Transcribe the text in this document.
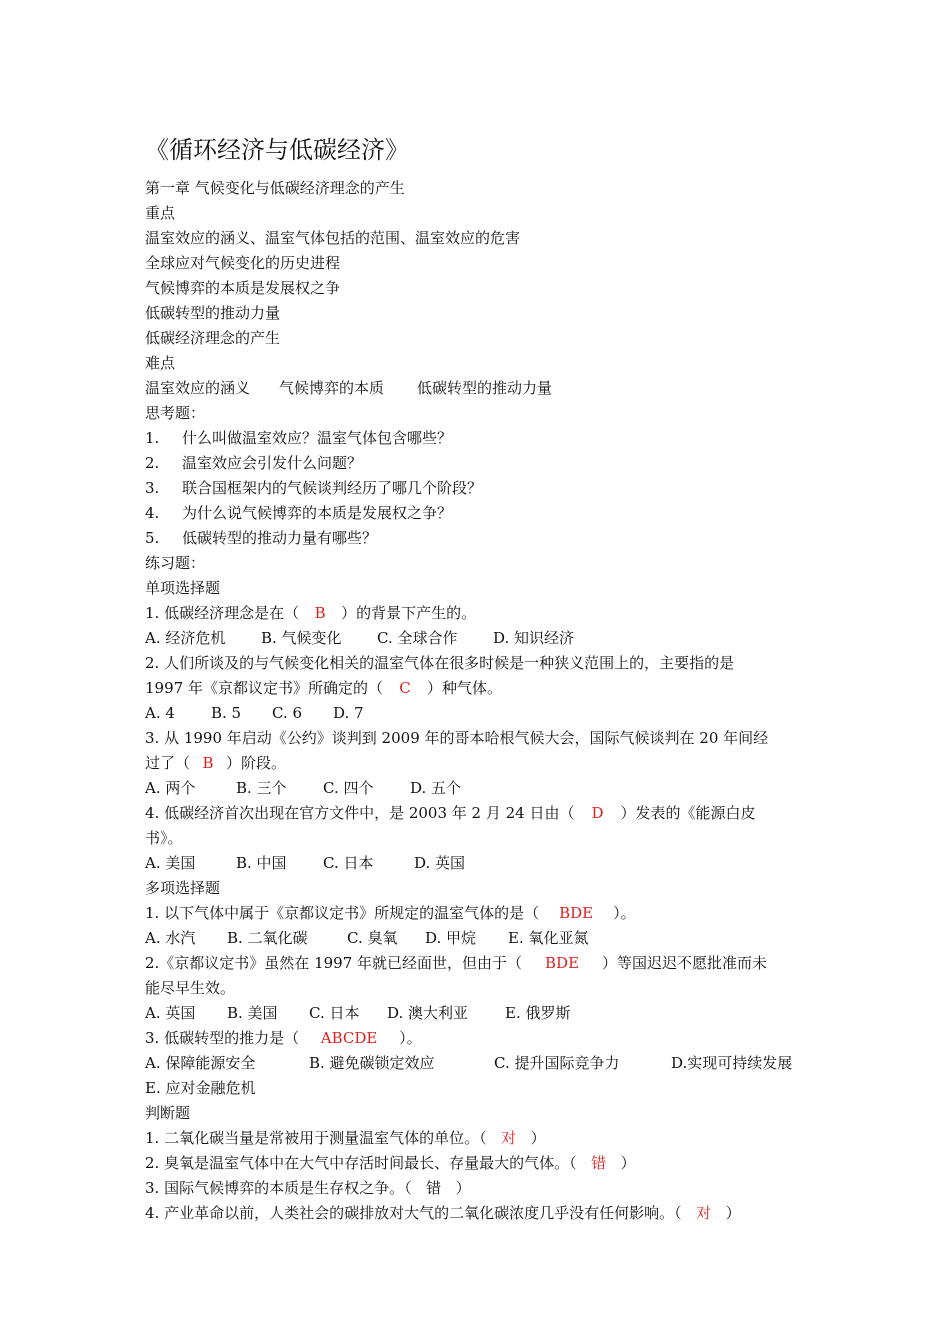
《循环经济与低碳经济》
第一章 气候变化与低碳经济理念的产生
重点
温室效应的涵义、温室气体包括的范围、温室效应的危害
全球应对气候变化的历史进程
气候博弈的本质是发展权之争
低碳转型的推动力量
低碳经济理念的产生
难点
温室效应的涵义 气候博弈的本质 低碳转型的推动力量
思考题：
1. 什么叫做温室效应？温室气体包含哪些？
2. 温室效应会引发什么问题？
3. 联合国框架内的气候谈判经历了哪几个阶段？
4. 为什么说气候博弈的本质是发展权之争？
5. 低碳转型的推动力量有哪些？
练习题：
单项选择题
1. 低碳经济理念是在（ B ）的背景下产生的。
A. 经济危机 B. 气候变化 C. 全球合作 D. 知识经济
2. 人们所谈及的与气候变化相关的温室气体在很多时候是一种狭义范围上的，主要指的是
1997 年《京都议定书》所确定的（ C ）种气体。
A. 4 B. 5 C. 6 D. 7
3. 从 1990 年启动《公约》谈判到 2009 年的哥本哈根气候大会，国际气候谈判在 20 年间经
过了（ B ）阶段。
A. 两个	B. 三个 C. 四个 D. 五个
4. 低碳经济首次出现在官方文件中，是 2003 年 2 月 24 日由（ D ）发表的《能源白皮
书》。
A. 美国	B. 中国 C. 日本	D. 英国
多项选择题
1. 以下气体中属于《京都议定书》所规定的温室气体的是（ BDE ）。
A. 水汽 B. 二氧化碳	C. 臭氧 D. 甲烷 E. 氧化亚氮
2.《京都议定书》虽然在 1997 年就已经面世，但由于（ BDE ）等国迟迟不愿批准而未
能尽早生效。
A. 英国 B. 美国 C. 日本 D. 澳大利亚 E. 俄罗斯
3. 低碳转型的推力是（ ABCDE ）。
A. 保障能源安全	B. 避免碳锁定效应	C. 提升国际竞争力	D.实现可持续发展
E. 应对金融危机
判断题
1. 二氧化碳当量是常被用于测量温室气体的单位。（ 对 ）
2. 臭氧是温室气体中在大气中存活时间最长、存量最大的气体。（ 错 ）
3. 国际气候博弈的本质是生存权之争。（ 错 ）
4. 产业革命以前，人类社会的碳排放对大气的二氧化碳浓度几乎没有任何影响。（ 对 ）
